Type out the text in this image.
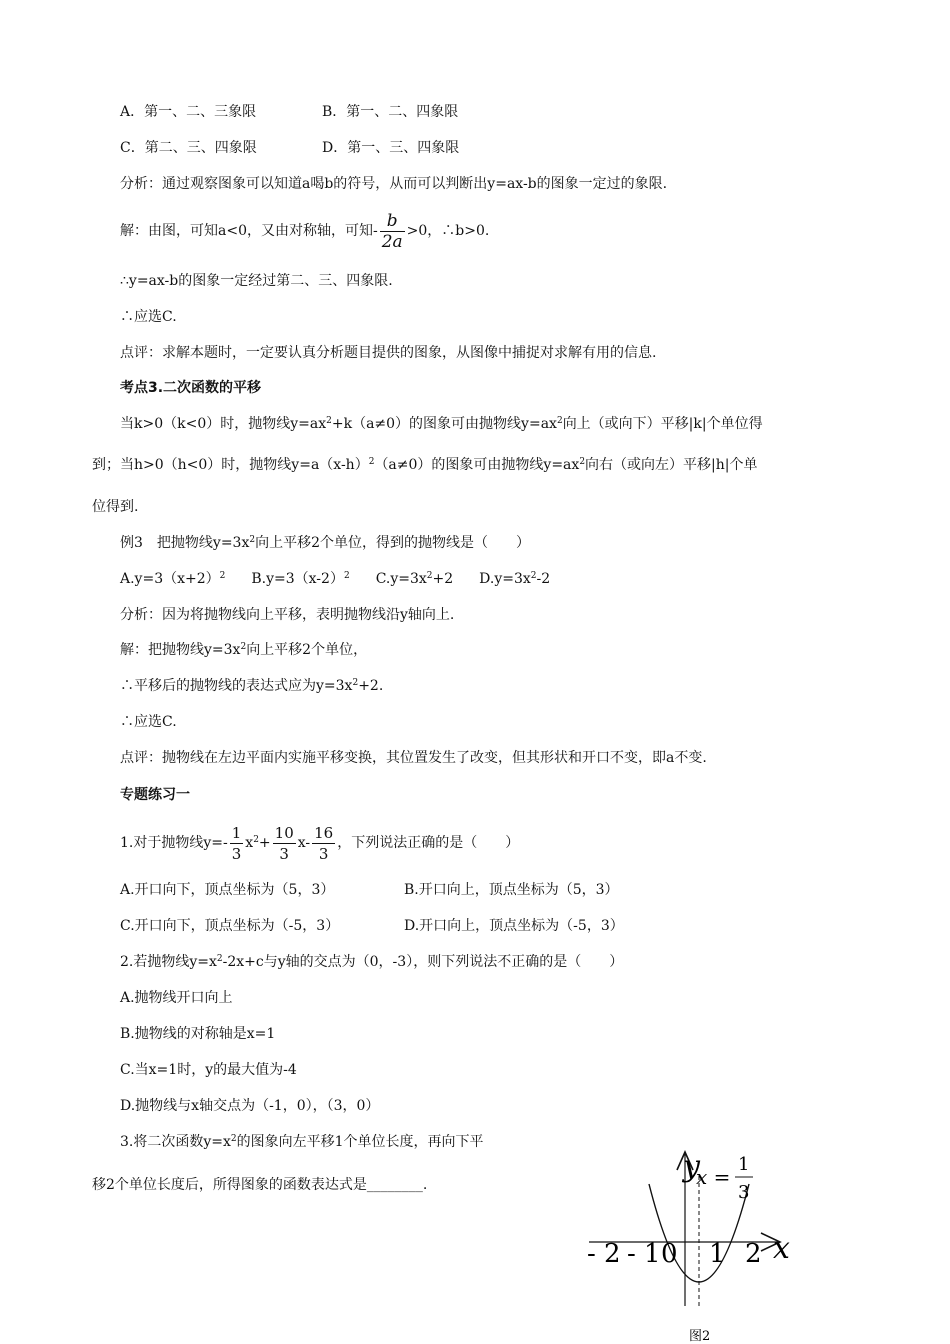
A．第一、二、三象限	B．第一、二、四象限
C．第二、三、四象限	D．第一、三、四象限
分析：通过观察图象可以知道a喝b的符号，从而可以判断出y=ax-b的图象一定过的象限.
解：由图，可知a<0，又由对称轴，可知- $\frac{b}{2a} >0$，∴b>0.
∴y=ax-b的图象一定经过第二、三、四象限.
∴应选C.
点评：求解本题时，一定要认真分析题目提供的图象，从图像中捕捉对求解有用的信息.
考点3.二次函数的平移
当k>0（k<0）时，抛物线$y=ax^2+k(a\ne 0)$的图象可由抛物线$y=ax^2$向上（或向下）平移|k|个单位得
到；当h>0（h<0）时，抛物线$y=a(x-h)^2(a\ne 0)$的图象可由抛物线$y=ax^2$向右（或向左）平移|h|个单
位得到.
例3　把抛物线$y=3x^2$向上平移2个单位，得到的抛物线是（　　）
$A.y=3(x+2)^2$ $B.y=3(x-2)^2$ $C.y=3x^2+2$ $D.y=3x^2-2$
分析：因为将抛物线向上平移，表明抛物线沿y轴向上.
解：把抛物线$y=3x^2$向上平移2个单位，
∴平移后的抛物线的表达式应为$y=3x^2+2$.
∴应选C.
点评：抛物线在左边平面内实施平移变换，其位置发生了改变，但其形状和开口不变，即a不变.
专题练习一
1.对于抛物线$y=- \frac{1}{3} x^2+ \frac{10}{3} x- \frac{16}{3}$ ，下列说法正确的是（　　）
A.开口向下，顶点坐标为（5，3）	B.开口向上，顶点坐标为（5，3）
C.开口向下，顶点坐标为（-5，3）	D.开口向上，顶点坐标为（-5，3）
2.若抛物线$y=x^2-2x+c$与y轴的交点为（0，-3），则下列说法不正确的是（　　）
A.抛物线开口向上
B.抛物线的对称轴是x=1
C.当x=1时，y的最大值为-4
D.抛物线与x轴交点为（-1，0），（3，0）
3.将二次函数$y=x^2$的图象向左平移1个单位长度，再向下平
移2个单位长度后，所得图象的函数表达式是________.
y
x =
1
3
x
- 2 - 1 0 1 2
图2
